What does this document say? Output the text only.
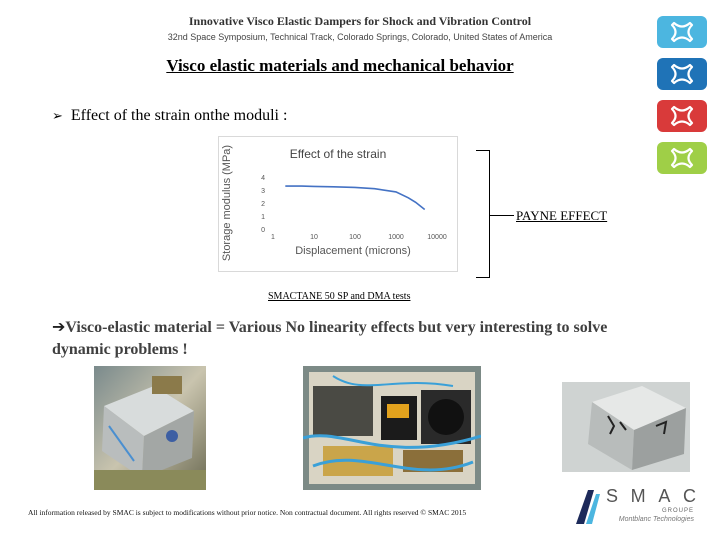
Innovative Visco Elastic Dampers for Shock and Vibration Control
32nd Space Symposium, Technical Track, Colorado Springs, Colorado, United States of America
Visco elastic materials and mechanical behavior
➢ Effect of the strain onthe moduli :
Effect of the strain
Storage modulus (MPa)	Displacement (microns)
0
1
2
3
4
1	10	100	1000	10000
PAYNE EFFECT
SMACTANE 50 SP and DMA tests
➔Visco-elastic material = Various No linearity effects but very interesting to solve dynamic problems !
All information released by SMAC is subject to modifications without prior notice. Non contractual document. All rights reserved © SMAC 2015
S M A C
GROUPE
Montblanc Technologies
